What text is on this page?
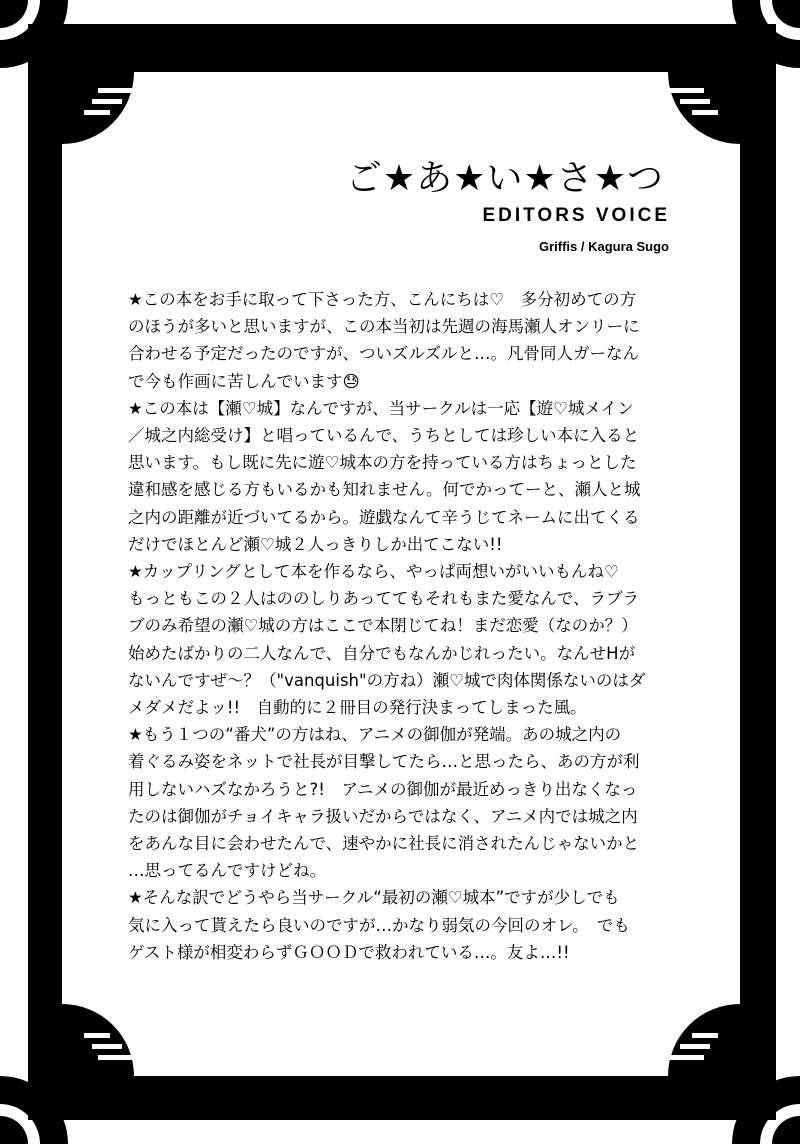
ご★あ★い★さ★つ
EDITORS VOICE
Griffis / Kagura Sugo
★この本をお手に取って下さった方、こんにちは♡　多分初めての方
のほうが多いと思いますが、この本当初は先週の海馬瀬人オンリーに
合わせる予定だったのですが、ついズルズルと…。凡骨同人ガーなん
で今も作画に苦しんでいます😓
★この本は【瀬♡城】なんですが、当サークルは一応【遊♡城メイン
／城之内総受け】と唱っているんで、うちとしては珍しい本に入ると
思います。もし既に先に遊♡城本の方を持っている方はちょっとした
違和感を感じる方もいるかも知れません。何でかってーと、瀬人と城
之内の距離が近づいてるから。遊戯なんて辛うじてネームに出てくる
だけでほとんど瀬♡城２人っきりしか出てこない!!
★カップリングとして本を作るなら、やっぱ両想いがいいもんね♡
もっともこの２人はののしりあっててもそれもまた愛なんで、ラブラ
ブのみ希望の瀬♡城の方はここで本閉じてね！まだ恋愛（なのか？）
始めたばかりの二人なんで、自分でもなんかじれったい。なんせHが
ないんですぜ〜？（"vanquish"の方ね）瀬♡城で肉体関係ないのはダ
メダメだよッ!!　自動的に２冊目の発行決まってしまった風。
★もう１つの“番犬”の方はね、アニメの御伽が発端。あの城之内の
着ぐるみ姿をネットで社長が目撃してたら…と思ったら、あの方が利
用しないハズなかろうと?!　アニメの御伽が最近めっきり出なくなっ
たのは御伽がチョイキャラ扱いだからではなく、アニメ内では城之内
をあんな目に会わせたんで、速やかに社長に消されたんじゃないかと
…思ってるんですけどね。
★そんな訳でどうやら当サークル“最初の瀬♡城本”ですが少しでも
気に入って貰えたら良いのですが…かなり弱気の今回のオレ。　でも
ゲスト様が相変わらずＧＯＯＤで救われている…。友よ…!!
